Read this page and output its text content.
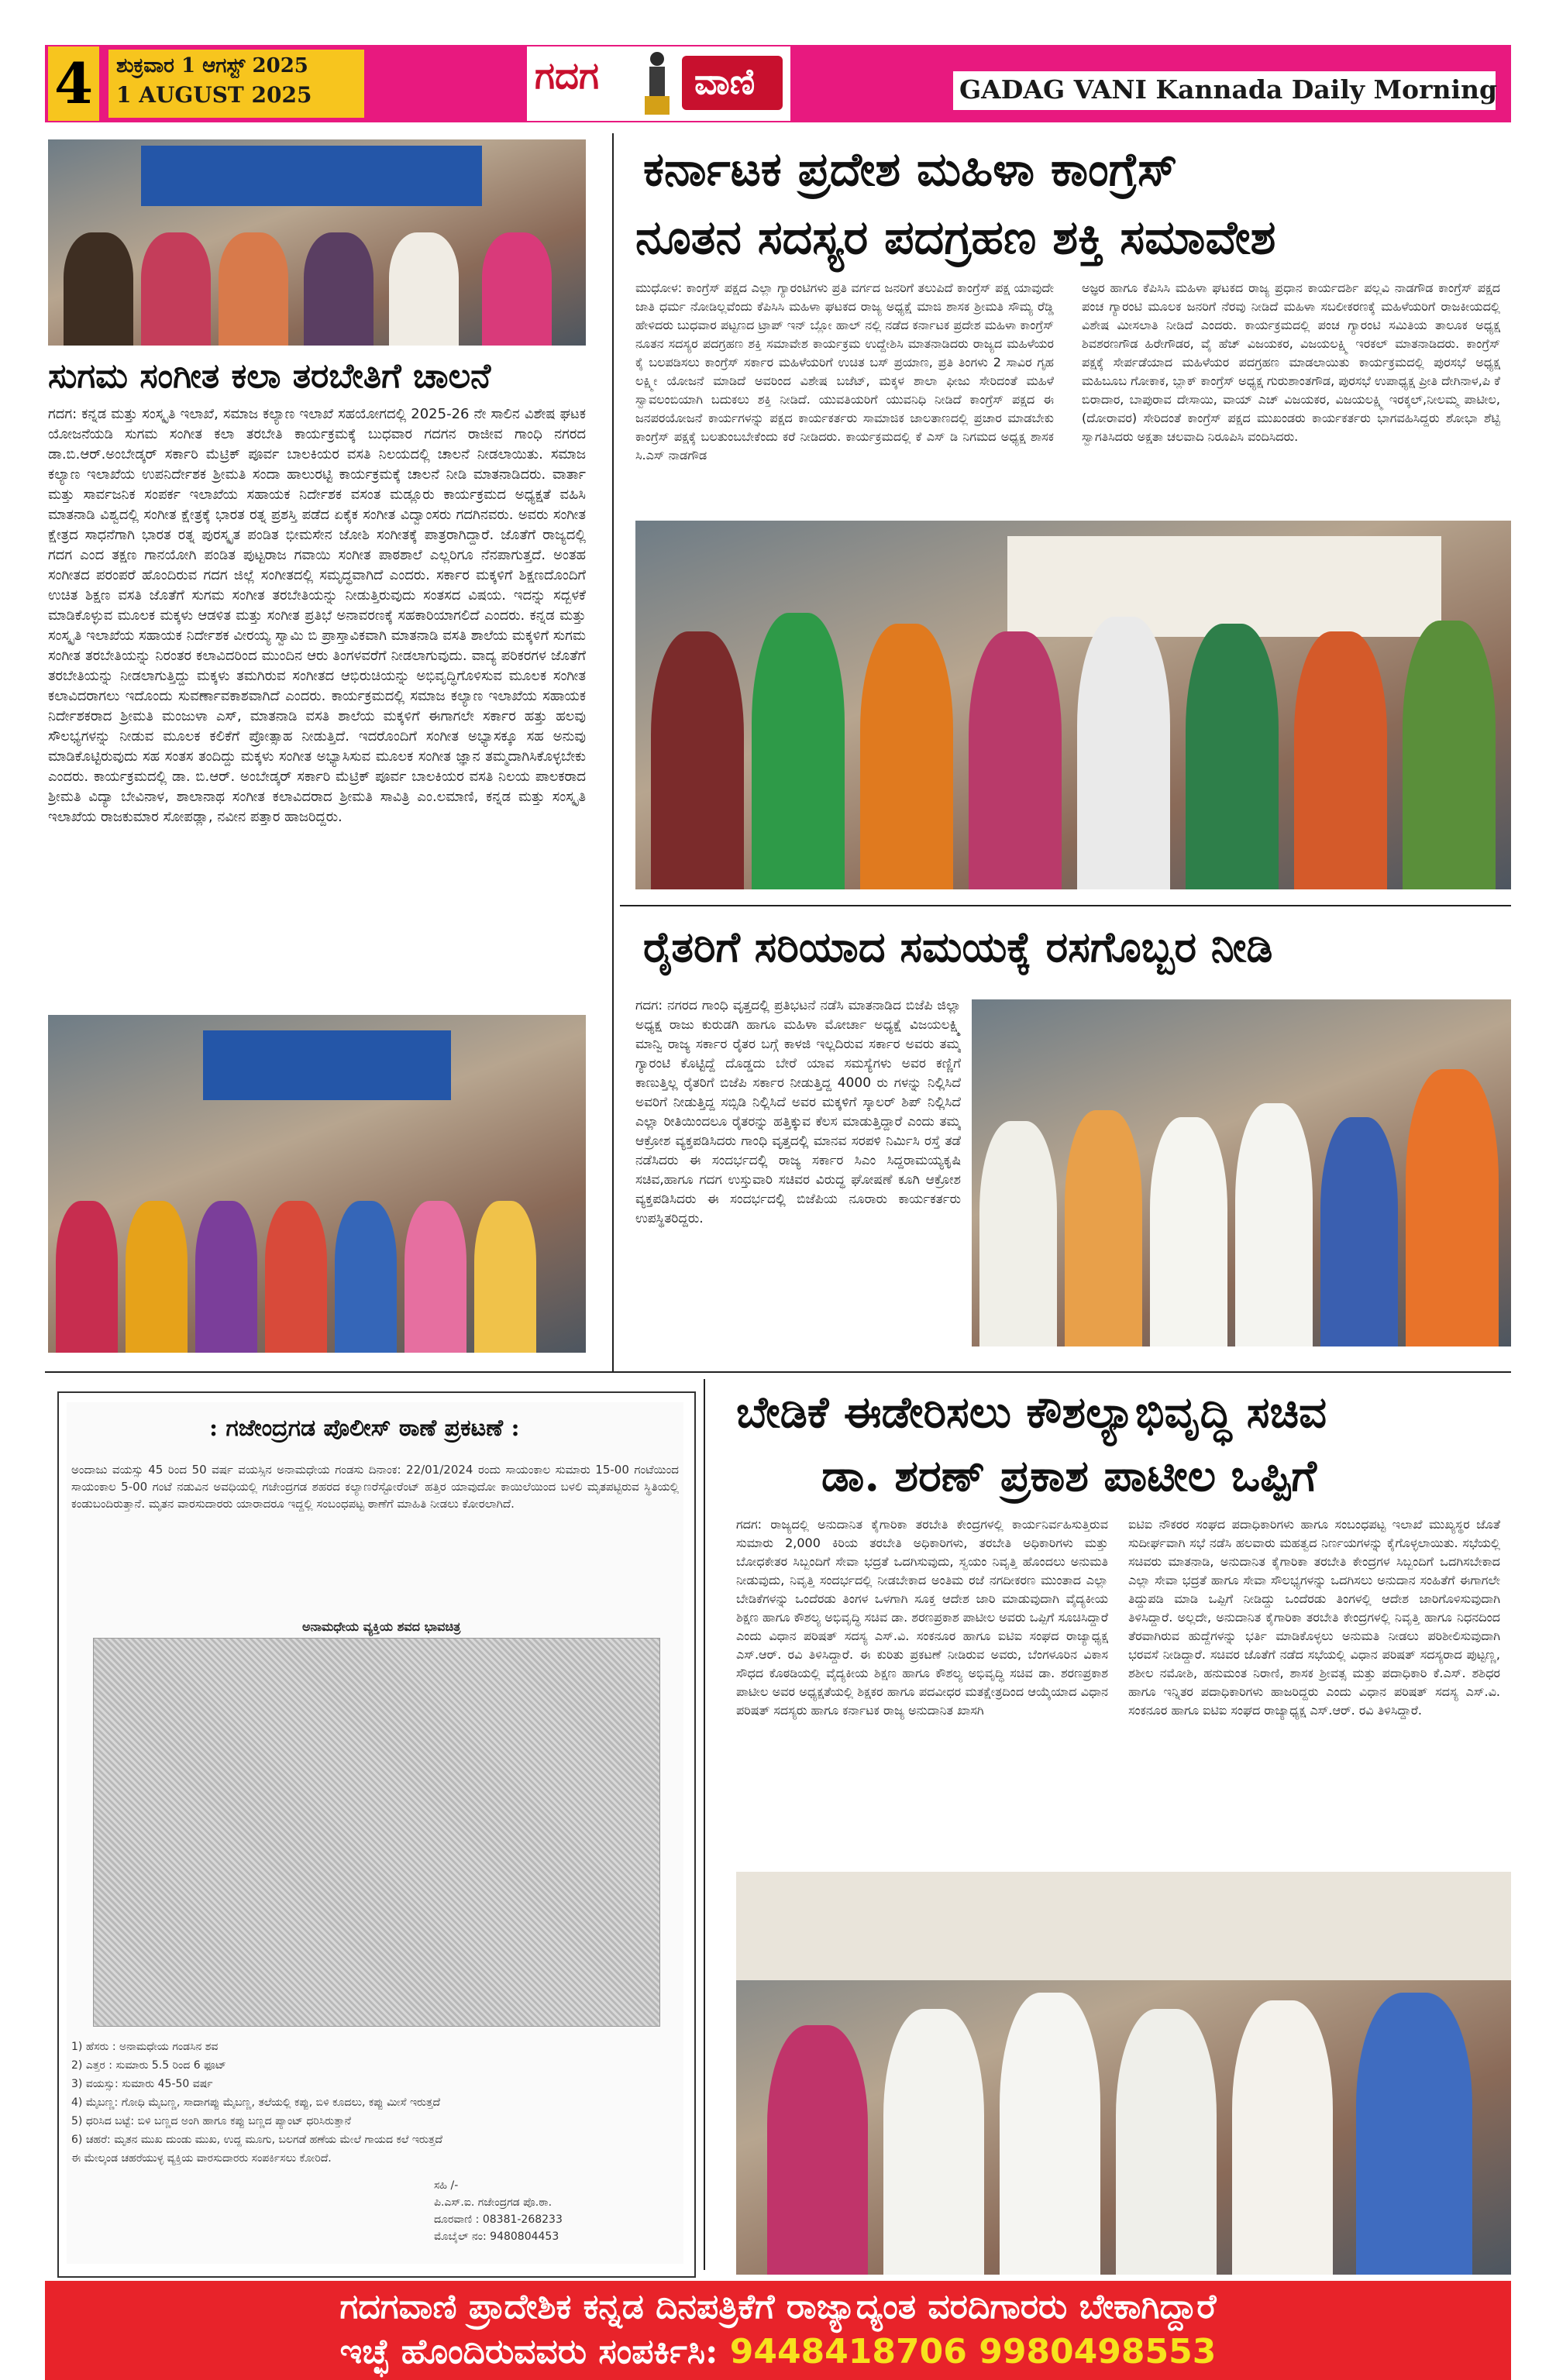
4	ಶುಕ್ರವಾರ 1 ಆಗಸ್ಟ್ 2025
1 AUGUST 2025	ಗದಗ	ವಾಣಿ	GADAG VANI Kannada Daily Morning
ಸುಗಮ ಸಂಗೀತ ಕಲಾ ತರಬೇತಿಗೆ ಚಾಲನೆ
ಗದಗ: ಕನ್ನಡ ಮತ್ತು ಸಂಸ್ಕೃತಿ ಇಲಾಖೆ, ಸಮಾಜ ಕಲ್ಯಾಣ ಇಲಾಖೆ ಸಹಯೋಗದಲ್ಲಿ 2025-26 ನೇ ಸಾಲಿನ ವಿಶೇಷ ಘಟಕ ಯೋಜನೆಯಡಿ ಸುಗಮ ಸಂಗೀತ ಕಲಾ ತರಬೇತಿ ಕಾರ್ಯಕ್ರಮಕ್ಕೆ ಬುಧವಾರ ಗದಗನ ರಾಜೀವ ಗಾಂಧಿ ನಗರದ ಡಾ.ಬಿ.ಆರ್.ಅಂಬೇಡ್ಕರ್ ಸರ್ಕಾರಿ ಮೆಟ್ರಿಕ್ ಪೂರ್ವ ಬಾಲಕಿಯರ ವಸತಿ ನಿಲಯದಲ್ಲಿ ಚಾಲನೆ ನೀಡಲಾಯಿತು. ಸಮಾಜ ಕಲ್ಯಾಣ ಇಲಾಖೆಯ ಉಪನಿರ್ದೇಶಕ ಶ್ರೀಮತಿ ಸಂದಾ ಹಾಲುರಟ್ಟಿ ಕಾರ್ಯಕ್ರಮಕ್ಕೆ ಚಾಲನೆ ನೀಡಿ ಮಾತನಾಡಿದರು. ವಾರ್ತಾ ಮತ್ತು ಸಾರ್ವಜನಿಕ ಸಂಪರ್ಕ ಇಲಾಖೆಯ ಸಹಾಯಕ ನಿರ್ದೇಶಕ ವಸಂತ ಮಡ್ಲೂರು ಕಾರ್ಯಕ್ರಮದ ಅಧ್ಯಕ್ಷತೆ ವಹಿಸಿ ಮಾತನಾಡಿ ವಿಶ್ವದಲ್ಲಿ ಸಂಗೀತ ಕ್ಷೇತ್ರಕ್ಕೆ ಭಾರತ ರತ್ನ ಪ್ರಶಸ್ತಿ ಪಡೆದ ಏಕೈಕ ಸಂಗೀತ ವಿದ್ವಾಂಸರು ಗದಗಿನವರು. ಅವರು ಸಂಗೀತ ಕ್ಷೇತ್ರದ ಸಾಧನೆಗಾಗಿ ಭಾರತ ರತ್ನ ಪುರಸ್ಕೃತ ಪಂಡಿತ ಭೀಮಸೇನ ಜೋಶಿ ಸಂಗೀತಕ್ಕೆ ಪಾತ್ರರಾಗಿದ್ದಾರೆ. ಜೊತೆಗೆ ರಾಜ್ಯದಲ್ಲಿ ಗದಗ ಎಂದ ತಕ್ಷಣ ಗಾನಯೋಗಿ ಪಂಡಿತ ಪುಟ್ಟರಾಜ ಗವಾಯಿ ಸಂಗೀತ ಪಾಠಶಾಲೆ ಎಲ್ಲರಿಗೂ ನೆನಪಾಗುತ್ತದೆ. ಅಂತಹ ಸಂಗೀತದ ಪರಂಪರೆ ಹೊಂದಿರುವ ಗದಗ ಜಿಲ್ಲೆ ಸಂಗೀತದಲ್ಲಿ ಸಮೃದ್ಧವಾಗಿದೆ ಎಂದರು. ಸರ್ಕಾರ ಮಕ್ಕಳಿಗೆ ಶಿಕ್ಷಣದೊಂದಿಗೆ ಉಚಿತ ಶಿಕ್ಷಣ ವಸತಿ ಜೊತೆಗೆ ಸುಗಮ ಸಂಗೀತ ತರಬೇತಿಯನ್ನು ನೀಡುತ್ತಿರುವುದು ಸಂತಸದ ವಿಷಯ. ಇದನ್ನು ಸದ್ಬಳಕೆ ಮಾಡಿಕೊಳ್ಳುವ ಮೂಲಕ ಮಕ್ಕಳು ಆಡಳಿತ ಮತ್ತು ಸಂಗೀತ ಪ್ರತಿಭೆ ಅನಾವರಣಕ್ಕೆ ಸಹಕಾರಿಯಾಗಲಿದೆ ಎಂದರು. ಕನ್ನಡ ಮತ್ತು ಸಂಸ್ಕೃತಿ ಇಲಾಖೆಯ ಸಹಾಯಕ ನಿರ್ದೇಶಕ ವೀರಯ್ಯ ಸ್ವಾಮಿ ಬಿ ಪ್ರಾಸ್ತಾವಿಕವಾಗಿ ಮಾತನಾಡಿ ವಸತಿ ಶಾಲೆಯ ಮಕ್ಕಳಿಗೆ ಸುಗಮ ಸಂಗೀತ ತರಬೇತಿಯನ್ನು ನಿರಂತರ ಕಲಾವಿದರಿಂದ ಮುಂದಿನ ಆರು ತಿಂಗಳವರೆಗೆ ನೀಡಲಾಗುವುದು. ವಾದ್ಯ ಪರಿಕರಗಳ ಜೊತೆಗೆ ತರಬೇತಿಯನ್ನು ನೀಡಲಾಗುತ್ತಿದ್ದು ಮಕ್ಕಳು ತಮಗಿರುವ ಸಂಗೀತದ ಆಭಿರುಚಿಯನ್ನು ಅಭಿವೃದ್ಧಿಗೊಳಿಸುವ ಮೂಲಕ ಸಂಗೀತ ಕಲಾವಿದರಾಗಲು ಇದೊಂದು ಸುವರ್ಣಾವಕಾಶವಾಗಿದೆ ಎಂದರು. ಕಾರ್ಯಕ್ರಮದಲ್ಲಿ ಸಮಾಜ ಕಲ್ಯಾಣ ಇಲಾಖೆಯ ಸಹಾಯಕ ನಿರ್ದೇಶಕರಾದ ಶ್ರೀಮತಿ ಮಂಜುಳಾ ಎಸ್, ಮಾತನಾಡಿ ವಸತಿ ಶಾಲೆಯ ಮಕ್ಕಳಿಗೆ ಈಗಾಗಲೇ ಸರ್ಕಾರ ಹತ್ತು ಹಲವು ಸೌಲಭ್ಯಗಳನ್ನು ನೀಡುವ ಮೂಲಕ ಕಲಿಕೆಗೆ ಪ್ರೋತ್ಸಾಹ ನೀಡುತ್ತಿದೆ. ಇದರೊಂದಿಗೆ ಸಂಗೀತ ಅಭ್ಯಾಸಕ್ಕೂ ಸಹ ಅನುವು ಮಾಡಿಕೊಟ್ಟಿರುವುದು ಸಹ ಸಂತಸ ತಂದಿದ್ದು ಮಕ್ಕಳು ಸಂಗೀತ ಅಭ್ಯಾಸಿಸುವ ಮೂಲಕ ಸಂಗೀತ ಜ್ಞಾನ ತಮ್ಮದಾಗಿಸಿಕೊಳ್ಳಬೇಕು ಎಂದರು. ಕಾರ್ಯಕ್ರಮದಲ್ಲಿ ಡಾ. ಬಿ.ಆರ್. ಅಂಬೇಡ್ಕರ್ ಸರ್ಕಾರಿ ಮೆಟ್ರಿಕ್ ಪೂರ್ವ ಬಾಲಕಿಯರ ವಸತಿ ನಿಲಯ ಪಾಲಕರಾದ ಶ್ರೀಮತಿ ವಿದ್ಯಾ ಬೇವಿನಾಳ, ಶಾಲಾನಾಥ ಸಂಗೀತ ಕಲಾವಿದರಾದ ಶ್ರೀಮತಿ ಸಾವಿತ್ರಿ ಎಂ.ಲಮಾಣಿ, ಕನ್ನಡ ಮತ್ತು ಸಂಸ್ಕೃತಿ ಇಲಾಖೆಯ ರಾಜಕುಮಾರ ಸೋಪಡ್ಲಾ, ನವೀನ ಪತ್ತಾರ ಹಾಜರಿದ್ದರು.
ಕರ್ನಾಟಕ ಪ್ರದೇಶ ಮಹಿಳಾ ಕಾಂಗ್ರೆಸ್
ನೂತನ ಸದಸ್ಯರ ಪದಗ್ರಹಣ ಶಕ್ತಿ ಸಮಾವೇಶ
ಮುಧೋಳ: ಕಾಂಗ್ರೆಸ್ ಪಕ್ಷದ ಎಲ್ಲಾ ಗ್ಯಾರಂಟಿಗಳು ಪ್ರತಿ ವರ್ಗದ ಜನರಿಗೆ ತಲುಪಿದೆ ಕಾಂಗ್ರೆಸ್ ಪಕ್ಷ ಯಾವುದೇ ಜಾತಿ ಧರ್ಮ ನೋಡಿಲ್ಲವೆಂದು ಕೆಪಿಸಿಸಿ ಮಹಿಳಾ ಘಟಕದ ರಾಜ್ಯ ಅಧ್ಯಕ್ಷೆ ಮಾಜಿ ಶಾಸಕ ಶ್ರೀಮತಿ ಸೌಮ್ಯ ರೆಡ್ಡಿ ಹೇಳಿದರು ಬುಧವಾರ ಪಟ್ಟಣದ ಟ್ರಾಪ್ ಇನ್ ಬ್ಲೋ ಹಾಲ್ ನಲ್ಲಿ ನಡೆದ ಕರ್ನಾಟಕ ಪ್ರದೇಶ ಮಹಿಳಾ ಕಾಂಗ್ರೆಸ್ ನೂತನ ಸದಸ್ಯರ ಪದಗ್ರಹಣ ಶಕ್ತಿ ಸಮಾವೇಶ ಕಾರ್ಯಕ್ರಮ ಉದ್ದೇಶಿಸಿ ಮಾತನಾಡಿದರು ರಾಜ್ಯದ ಮಹಿಳೆಯರ ಕೈ ಬಲಪಡಿಸಲು ಕಾಂಗ್ರೆಸ್ ಸರ್ಕಾರ ಮಹಿಳೆಯರಿಗೆ ಉಚಿತ ಬಸ್ ಪ್ರಯಾಣ, ಪ್ರತಿ ತಿಂಗಳು 2 ಸಾವಿರ ಗೃಹ ಲಕ್ಷ್ಮೀ ಯೋಜನೆ ಮಾಡಿದೆ ಅವರಿಂದ ವಿಶೇಷ ಬಜೆಟ್, ಮಕ್ಕಳ ಶಾಲಾ ಫೀಜು ಸೇರಿದಂತೆ ಮಹಿಳೆ ಸ್ವಾವಲಂಬಿಯಾಗಿ ಬದುಕಲು ಶಕ್ತಿ ನೀಡಿದೆ. ಯುವತಿಯರಿಗೆ ಯುವನಿಧಿ ನೀಡಿದೆ ಕಾಂಗ್ರೆಸ್ ಪಕ್ಷದ ಈ ಜನಪರಯೋಜನೆ ಕಾರ್ಯಗಳನ್ನು ಪಕ್ಷದ ಕಾರ್ಯಕರ್ತರು ಸಾಮಾಜಿಕ ಜಾಲತಾಣದಲ್ಲಿ ಪ್ರಚಾರ ಮಾಡಬೇಕು ಕಾಂಗ್ರೆಸ್ ಪಕ್ಷಕ್ಕೆ ಬಲತುಂಬಬೇಕೆಂದು ಕರೆ ನೀಡಿದರು. ಕಾರ್ಯಕ್ರಮದಲ್ಲಿ ಕೆ ಎಸ್ ಡಿ ನಿಗಮದ ಅಧ್ಯಕ್ಷ ಶಾಸಕ ಸಿ.ಎಸ್ ನಾಡಗೌಡ
ಅಜ್ಞರ ಹಾಗೂ ಕೆಪಿಸಿಸಿ ಮಹಿಳಾ ಘಟಕದ ರಾಜ್ಯ ಪ್ರಧಾನ ಕಾರ್ಯದರ್ಶಿ ಪಲ್ಲವಿ ನಾಡಗೌಡ ಕಾಂಗ್ರೆಸ್ ಪಕ್ಷದ ಪಂಚ ಗ್ಯಾರಂಟಿ ಮೂಲಕ ಜನರಿಗೆ ನೆರವು ನೀಡಿದೆ ಮಹಿಳಾ ಸಬಲೀಕರಣಕ್ಕೆ ಮಹಿಳೆಯರಿಗೆ ರಾಜಕೀಯದಲ್ಲಿ ವಿಶೇಷ ಮೀಸಲಾತಿ ನೀಡಿದೆ ಎಂದರು. ಕಾರ್ಯಕ್ರಮದಲ್ಲಿ ಪಂಚ ಗ್ಯಾರಂಟಿ ಸಮಿತಿಯ ತಾಲೂಕ ಅಧ್ಯಕ್ಷ ಶಿವಶರಣಗೌಡ ಹಿರೇಗೌಡರ, ವೈ ಹೆಚ್ ವಿಜಯಕರ, ವಿಜಯಲಕ್ಷ್ಮಿ ಇರಕಲ್ ಮಾತನಾಡಿದರು. ಕಾಂಗ್ರೆಸ್ ಪಕ್ಷಕ್ಕೆ ಸೇರ್ಪಡೆಯಾದ ಮಹಿಳೆಯರ ಪದಗ್ರಹಣ ಮಾಡಲಾಯಿತು ಕಾರ್ಯಕ್ರಮದಲ್ಲಿ ಪುರಸಭೆ ಅಧ್ಯಕ್ಷ ಮಹಿಬೂಬ ಗೋಕಾಕ, ಬ್ಲಾಕ್ ಕಾಂಗ್ರೆಸ್ ಅಧ್ಯಕ್ಷ ಗುರುಶಾಂತಗೌಡ, ಪುರಸಭೆ ಉಪಾಧ್ಯಕ್ಷ ಪ್ರೀತಿ ದೇಗಿನಾಳ,ಪಿ ಕೆ ಬಿರಾದಾರ, ಬಾಪುರಾವ ದೇಸಾಯಿ, ವಾಯ್ ಎಚ್ ವಿಜಯಕರ, ವಿಜಯಲಕ್ಷ್ಮಿ ಇರಕ್ಕಲ್,ನೀಲಮ್ಮ ಪಾಟೀಲ,(ದೋರಾವರ) ಸೇರಿದಂತೆ ಕಾಂಗ್ರೆಸ್ ಪಕ್ಷದ ಮುಖಂಡರು ಕಾರ್ಯಕರ್ತರು ಭಾಗವಹಿಸಿದ್ದರು ಶೋಭಾ ಶೆಟ್ಟಿ ಸ್ವಾಗತಿಸಿದರು ಅಕ್ಷತಾ ಚಲವಾದಿ ನಿರೂಪಿಸಿ ವಂದಿಸಿದರು.
ರೈತರಿಗೆ ಸರಿಯಾದ ಸಮಯಕ್ಕೆ ರಸಗೊಬ್ಬರ ನೀಡಿ
ಗದಗ: ನಗರದ ಗಾಂಧಿ ವೃತ್ತದಲ್ಲಿ ಪ್ರತಿಭಟನೆ ನಡೆಸಿ ಮಾತನಾಡಿದ ಬಿಜೆಪಿ ಜಿಲ್ಲಾ ಅಧ್ಯಕ್ಷ ರಾಜು ಕುರುಡಗಿ ಹಾಗೂ ಮಹಿಳಾ ಮೋರ್ಚಾ ಅಧ್ಯಕ್ಷೆ ವಿಜಯಲಕ್ಷ್ಮಿ ಮಾನ್ವಿ ರಾಜ್ಯ ಸರ್ಕಾರ ರೈತರ ಬಗ್ಗೆ ಕಾಳಜಿ ಇಲ್ಲದಿರುವ ಸರ್ಕಾರ ಅವರು ತಮ್ಮ ಗ್ಯಾರಂಟಿ ಕೊಟ್ಟಿದ್ದೆ ದೊಡ್ಡದು ಬೇರೆ ಯಾವ ಸಮಸ್ಯೆಗಳು ಅವರ ಕಣ್ಣಿಗೆ ಕಾಣುತ್ತಿಲ್ಲ ರೈತರಿಗೆ ಬಿಜೆಪಿ ಸರ್ಕಾರ ನೀಡುತ್ತಿದ್ದ 4000 ರು ಗಳನ್ನು ನಿಲ್ಲಿಸಿದೆ ಅವರಿಗೆ ನೀಡುತ್ತಿದ್ದ ಸಬ್ಸಿಡಿ ನಿಲ್ಲಿಸಿದೆ ಅವರ ಮಕ್ಕಳಿಗೆ ಸ್ಕಾಲರ್ ಶಿಪ್ ನಿಲ್ಲಿಸಿದೆ ಎಲ್ಲಾ ರೀತಿಯಿಂದಲೂ ರೈತರನ್ನು ಹತ್ತಿಕ್ಕುವ ಕೆಲಸ ಮಾಡುತ್ತಿದ್ದಾರೆ ಎಂದು ತಮ್ಮ ಆಕ್ರೋಶ ವ್ಯಕ್ತಪಡಿಸಿದರು ಗಾಂಧಿ ವೃತ್ತದಲ್ಲಿ ಮಾನವ ಸರಪಳಿ ನಿರ್ಮಿಸಿ ರಸ್ತೆ ತಡೆ ನಡೆಸಿದರು ಈ ಸಂದರ್ಭದಲ್ಲಿ ರಾಜ್ಯ ಸರ್ಕಾರ ಸಿಎಂ ಸಿದ್ದರಾಮಯ್ಯಕೃಷಿ ಸಚಿವ,ಹಾಗೂ ಗದಗ ಉಸ್ತುವಾರಿ ಸಚಿವರ ವಿರುದ್ಧ ಘೋಷಣೆ ಕೂಗಿ ಆಕ್ರೋಶ ವ್ಯಕ್ತಪಡಿಸಿದರು ಈ ಸಂದರ್ಭದಲ್ಲಿ ಬಿಜೆಪಿಯ ನೂರಾರು ಕಾರ್ಯಕರ್ತರು ಉಪಸ್ಥಿತರಿದ್ದರು.
: ಗಜೇಂದ್ರಗಡ ಪೊಲೀಸ್ ಠಾಣೆ ಪ್ರಕಟಣೆ :
ಅಂದಾಜು ವಯಸ್ಸು 45 ರಿಂದ 50 ವರ್ಷ ವಯಸ್ಸಿನ ಅನಾಮಧೇಯ ಗಂಡಸು ದಿನಾಂಕ: 22/01/2024 ರಂದು ಸಾಯಂಕಾಲ ಸುಮಾರು 15-00 ಗಂಟೆಯಿಂದ ಸಾಯಂಕಾಲ 5-00 ಗಂಟೆ ನಡುವಿನ ಅವಧಿಯಲ್ಲಿ ಗಜೇಂದ್ರಗಡ ಶಹರದ ಕಲ್ಯಾಣರೆಸ್ಟೋರೆಂಟ್ ಹತ್ತಿರ ಯಾವುದೋ ಕಾಯಿಲೆಯಿಂದ ಬಳಲಿ ಮೃತಪಟ್ಟಿರುವ ಸ್ಥಿತಿಯಲ್ಲಿ ಕಂಡುಬಂದಿರುತ್ತಾನೆ. ಮೃತನ ವಾರಸುದಾರರು ಯಾರಾದರೂ ಇದ್ದಲ್ಲಿ ಸಂಬಂಧಪಟ್ಟ ಠಾಣೆಗೆ ಮಾಹಿತಿ ನೀಡಲು ಕೋರಲಾಗಿದೆ.
ಅನಾಮಧೇಯ ವ್ಯಕ್ತಿಯ ಶವದ ಭಾವಚಿತ್ರ
1) ಹೆಸರು : ಅನಾಮಧೇಯ ಗಂಡಸಿನ ಶವ
2) ಎತ್ತರ : ಸುಮಾರು 5.5 ರಿಂದ 6 ಫೂಟ್
3) ವಯಸ್ಸು: ಸುಮಾರು 45-50 ವರ್ಷ
4) ಮೈಬಣ್ಣ: ಗೋಧಿ ಮೈಬಣ್ಣ, ಸಾದಾಗಪ್ಪು ಮೈಬಣ್ಣ, ತಲೆಯಲ್ಲಿ ಕಪ್ಪು, ಬಿಳಿ ಕೂದಲು, ಕಪ್ಪು ಮೀಸೆ ಇರುತ್ತದೆ
5) ಧರಿಸಿದ ಬಟ್ಟೆ: ಬಿಳಿ ಬಣ್ಣದ ಅಂಗಿ ಹಾಗೂ ಕಪ್ಪು ಬಣ್ಣದ ಪ್ಯಾಂಟ್ ಧರಿಸಿರುತ್ತಾನೆ
6) ಚಹರೆ: ಮೃತನ ಮುಖ ದುಂಡು ಮುಖ, ಉದ್ದ ಮೂಗು, ಬಲಗಡೆ ಹಣೆಯ ಮೇಲೆ ಗಾಯದ ಕಲೆ ಇರುತ್ತದೆ
ಈ ಮೇಲ್ಕಂಡ ಚಹರೆಯುಳ್ಳ ವ್ಯಕ್ತಿಯ ವಾರಸುದಾರರು ಸಂಪರ್ಕಿಸಲು ಕೋರಿದೆ.
ಸಹಿ /-
ಪಿ.ಎಸ್.ಐ. ಗಜೇಂದ್ರಗಡ ಪೊ.ಠಾ.
ದೂರವಾಣಿ : 08381-268233
ಮೊಬೈಲ್ ನಂ: 9480804453
ಬೇಡಿಕೆ ಈಡೇರಿಸಲು ಕೌಶಲ್ಯಾಭಿವೃದ್ಧಿ ಸಚಿವ
ಡಾ. ಶರಣ್ ಪ್ರಕಾಶ ಪಾಟೀಲ ಒಪ್ಪಿಗೆ
ಗದಗ: ರಾಜ್ಯದಲ್ಲಿ ಅನುದಾನಿತ ಕೈಗಾರಿಕಾ ತರಬೇತಿ ಕೇಂದ್ರಗಳಲ್ಲಿ ಕಾರ್ಯನಿರ್ವಹಿಸುತ್ತಿರುವ ಸುಮಾರು 2,000 ಕಿರಿಯ ತರಬೇತಿ ಅಧಿಕಾರಿಗಳು, ತರಬೇತಿ ಅಧಿಕಾರಿಗಳು ಮತ್ತು ಬೋಧಕೇತರ ಸಿಬ್ಬಂದಿಗೆ ಸೇವಾ ಭದ್ರತೆ ಒದಗಿಸುವುದು, ಸ್ವಯಂ ನಿವೃತ್ತಿ ಹೊಂದಲು ಅನುಮತಿ ನೀಡುವುದು, ನಿವೃತ್ತಿ ಸಂದರ್ಭದಲ್ಲಿ ನೀಡಬೇಕಾದ ಅಂತಿಮ ರಜೆ ನಗದೀಕರಣ ಮುಂತಾದ ಎಲ್ಲಾ ಬೇಡಿಕೆಗಳನ್ನು ಒಂದೆರಡು ತಿಂಗಳ ಒಳಗಾಗಿ ಸೂಕ್ತ ಆದೇಶ ಜಾರಿ ಮಾಡುವುದಾಗಿ ವೈದ್ಯಕೀಯ ಶಿಕ್ಷಣ ಹಾಗೂ ಕೌಶಲ್ಯ ಅಭಿವೃದ್ಧಿ ಸಚಿವ ಡಾ. ಶರಣಪ್ರಕಾಶ ಪಾಟೀಲ ಅವರು ಒಪ್ಪಿಗೆ ಸೂಚಿಸಿದ್ದಾರೆ ಎಂದು ವಿಧಾನ ಪರಿಷತ್ ಸದಸ್ಯ ಎಸ್.ವಿ. ಸಂಕನೂರ ಹಾಗೂ ಐಟಿಐ ಸಂಘದ ರಾಜ್ಯಾಧ್ಯಕ್ಷ ಎಸ್.ಆರ್. ರವಿ ತಿಳಿಸಿದ್ದಾರೆ. ಈ ಕುರಿತು ಪ್ರಕಟಣೆ ನೀಡಿರುವ ಅವರು, ಬೆಂಗಳೂರಿನ ವಿಕಾಸ ಸೌಧದ ಕೊಠಡಿಯಲ್ಲಿ ವೈದ್ಯಕೀಯ ಶಿಕ್ಷಣ ಹಾಗೂ ಕೌಶಲ್ಯ ಅಭಿವೃದ್ಧಿ ಸಚಿವ ಡಾ. ಶರಣಪ್ರಕಾಶ ಪಾಟೀಲ ಅವರ ಅಧ್ಯಕ್ಷತೆಯಲ್ಲಿ ಶಿಕ್ಷಕರ ಹಾಗೂ ಪದವೀಧರ ಮತಕ್ಷೇತ್ರದಿಂದ ಆಯ್ಕೆಯಾದ ವಿಧಾನ ಪರಿಷತ್ ಸದಸ್ಯರು ಹಾಗೂ ಕರ್ನಾಟಕ ರಾಜ್ಯ ಅನುದಾನಿತ ಖಾಸಗಿ
ಐಟಿಐ ನೌಕರರ ಸಂಘದ ಪದಾಧಿಕಾರಿಗಳು ಹಾಗೂ ಸಂಬಂಧಪಟ್ಟ ಇಲಾಖೆ ಮುಖ್ಯಸ್ಥರ ಜೊತೆ ಸುದೀರ್ಘವಾಗಿ ಸಭೆ ನಡೆಸಿ ಹಲವಾರು ಮಹತ್ವದ ನಿರ್ಣಯಗಳನ್ನು ಕೈಗೊಳ್ಳಲಾಯಿತು. ಸಭೆಯಲ್ಲಿ ಸಚಿವರು ಮಾತನಾಡಿ, ಅನುದಾನಿತ ಕೈಗಾರಿಕಾ ತರಬೇತಿ ಕೇಂದ್ರಗಳ ಸಿಬ್ಬಂದಿಗೆ ಒದಗಿಸಬೇಕಾದ ಎಲ್ಲಾ ಸೇವಾ ಭದ್ರತೆ ಹಾಗೂ ಸೇವಾ ಸೌಲಭ್ಯಗಳನ್ನು ಒದಗಿಸಲು ಅನುದಾನ ಸಂಹಿತೆಗೆ ಈಗಾಗಲೇ ತಿದ್ದುಪಡಿ ಮಾಡಿ ಒಪ್ಪಿಗೆ ನೀಡಿದ್ದು ಒಂದೆರಡು ತಿಂಗಳಲ್ಲಿ ಆದೇಶ ಜಾರಿಗೊಳಿಸುವುದಾಗಿ ತಿಳಿಸಿದ್ದಾರೆ. ಅಲ್ಲದೇ, ಅನುದಾನಿತ ಕೈಗಾರಿಕಾ ತರಬೇತಿ ಕೇಂದ್ರಗಳಲ್ಲಿ ನಿವೃತ್ತಿ ಹಾಗೂ ನಿಧನದಿಂದ ತೆರವಾಗಿರುವ ಹುದ್ದೆಗಳನ್ನು ಭರ್ತಿ ಮಾಡಿಕೊಳ್ಳಲು ಅನುಮತಿ ನೀಡಲು ಪರಿಶೀಲಿಸುವುದಾಗಿ ಭರವಸೆ ನೀಡಿದ್ದಾರೆ. ಸಚಿವರ ಜೊತೆಗೆ ನಡೆದ ಸಭೆಯಲ್ಲಿ ವಿಧಾನ ಪರಿಷತ್ ಸದಸ್ಯರಾದ ಪುಟ್ಟಣ್ಣ, ಶಶೀಲ ನಮೋಶಿ, ಹನುಮಂತ ನಿರಾಣಿ, ಶಾಸಕ ಶ್ರೀವತ್ಸ ಮತ್ತು ಪದಾಧಿಕಾರಿ ಕೆ.ಎಸ್. ಶಶಿಧರ ಹಾಗೂ ಇನ್ನಿತರ ಪದಾಧಿಕಾರಿಗಳು ಹಾಜರಿದ್ದರು ಎಂದು ವಿಧಾನ ಪರಿಷತ್ ಸದಸ್ಯ ಎಸ್.ವಿ. ಸಂಕನೂರ ಹಾಗೂ ಐಟಿಐ ಸಂಘದ ರಾಜ್ಯಾಧ್ಯಕ್ಷ ಎಸ್.ಆರ್. ರವಿ ತಿಳಿಸಿದ್ದಾರೆ.
ಗದಗವಾಣಿ ಪ್ರಾದೇಶಿಕ ಕನ್ನಡ ದಿನಪತ್ರಿಕೆಗೆ ರಾಜ್ಯಾದ್ಯಂತ ವರದಿಗಾರರು ಬೇಕಾಗಿದ್ದಾರೆ
ಇಚ್ಛೆ ಹೊಂದಿರುವವರು ಸಂಪರ್ಕಿಸಿ: 9448418706 9980498553
